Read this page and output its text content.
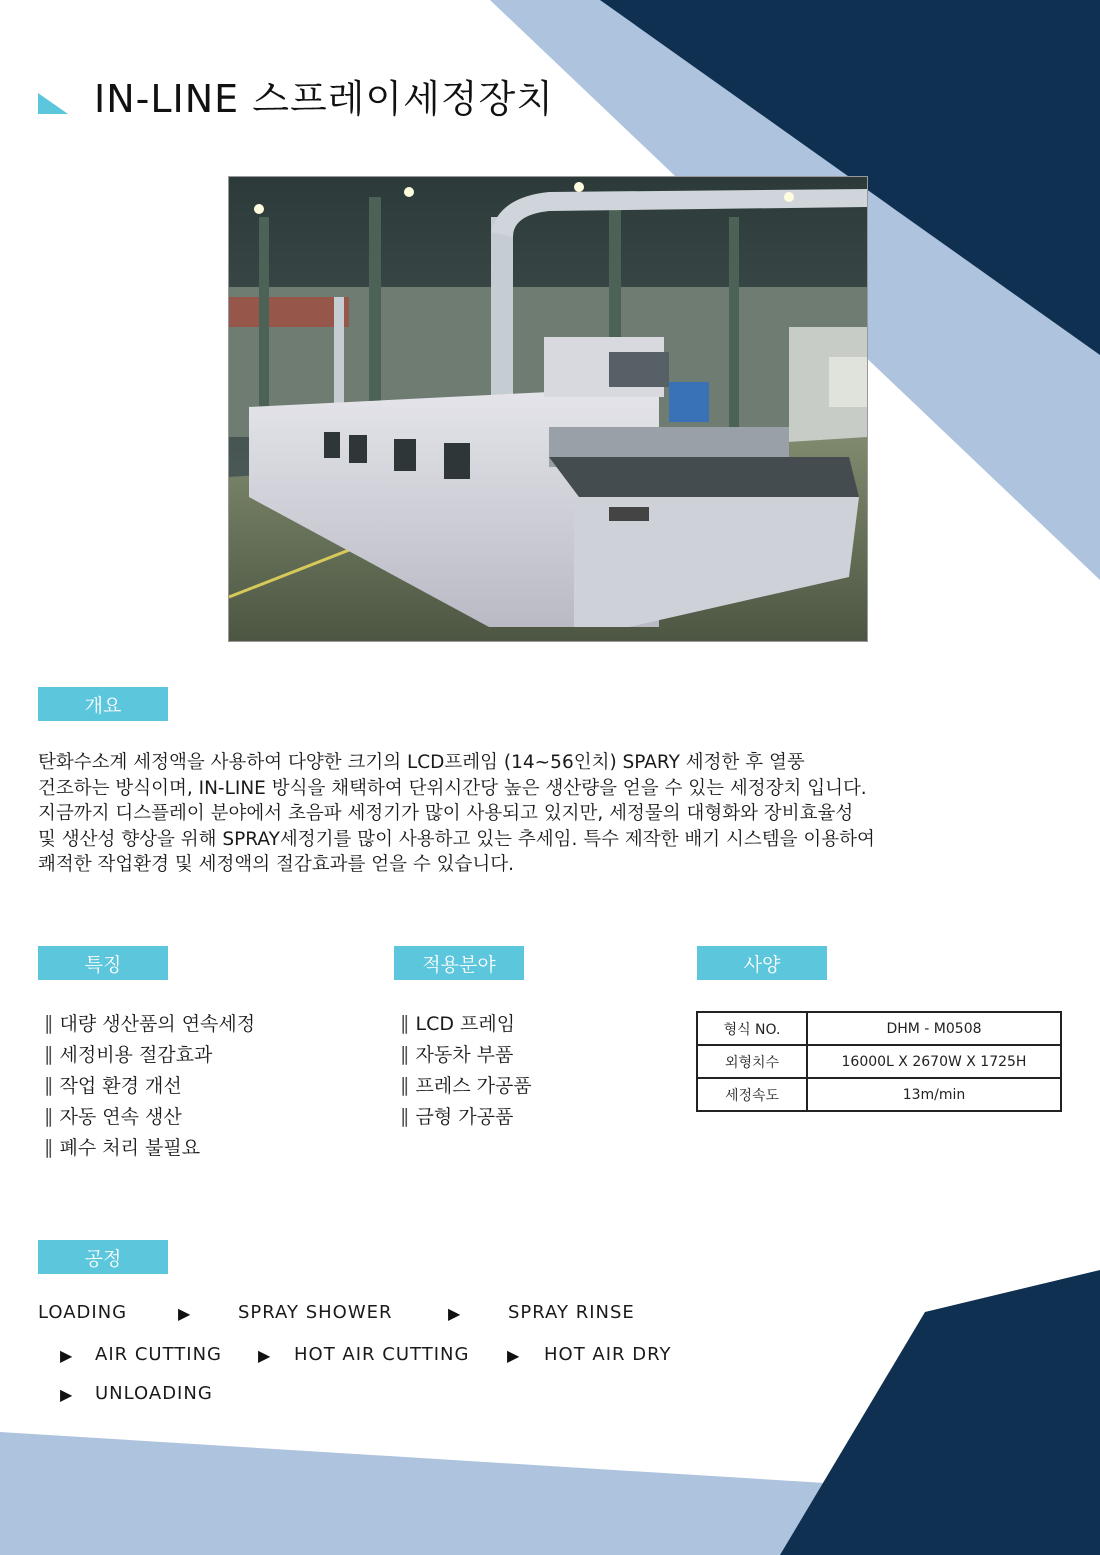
IN-LINE 스프레이세정장치
개요

탄화수소계 세정액을 사용하여 다양한 크기의 LCD프레임 (14~56인치) SPARY 세정한 후 열풍

건조하는 방식이며, IN-LINE 방식을 채택하여 단위시간당 높은 생산량을 얻을 수 있는 세정장치 입니다.

지금까지 디스플레이 분야에서 초음파 세정기가 많이 사용되고 있지만, 세정물의 대형화와 장비효율성

및 생산성 향상을 위해 SPRAY세정기를 많이 사용하고 있는 추세임. 특수 제작한 배기 시스템을 이용하여

쾌적한 작업환경 및 세정액의 절감효과를 얻을 수 있습니다.

특징
‖ 대량 생산품의 연속세정
‖ 세정비용 절감효과
‖ 작업 환경 개선
‖ 자동 연속 생산
‖ 폐수 처리 불필요
적용분야
‖ LCD 프레임
‖ 자동차 부품
‖ 프레스 가공품
‖ 금형 가공품
사양
형식 NO.	DHM - M0508
외형치수	16000L X 2670W X 1725H
세정속도	13m/min
공정
LOADING	▶	SPRAY SHOWER	▶	SPRAY RINSE
▶ AIR CUTTING ▶ HOT AIR CUTTING ▶ HOT AIR DRY
▶ UNLOADING
